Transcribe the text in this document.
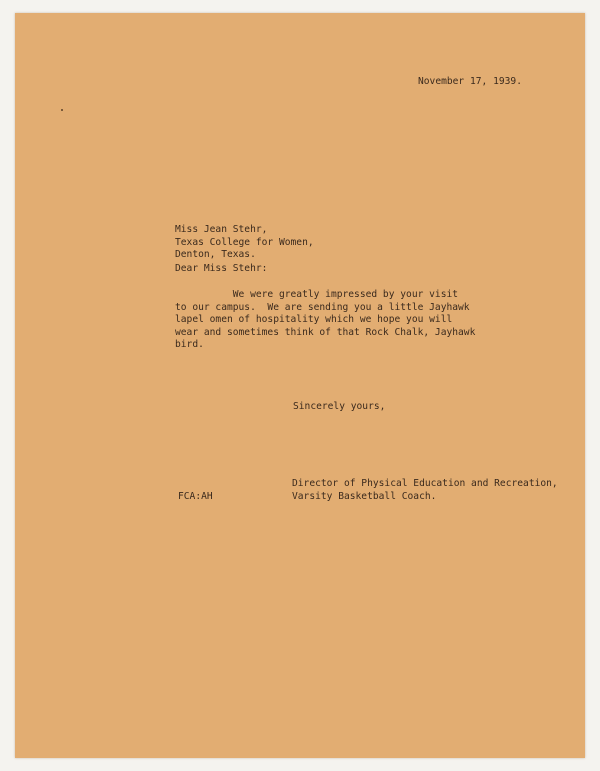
November 17, 1939.
Miss Jean Stehr,
Texas College for Women,
Denton, Texas.
Dear Miss Stehr:
We were greatly impressed by your visit
to our campus.  We are sending you a little Jayhawk
lapel omen of hospitality which we hope you will
wear and sometimes think of that Rock Chalk, Jayhawk
bird.
Sincerely yours,
Director of Physical Education and Recreation,
Varsity Basketball Coach.
FCA:AH
